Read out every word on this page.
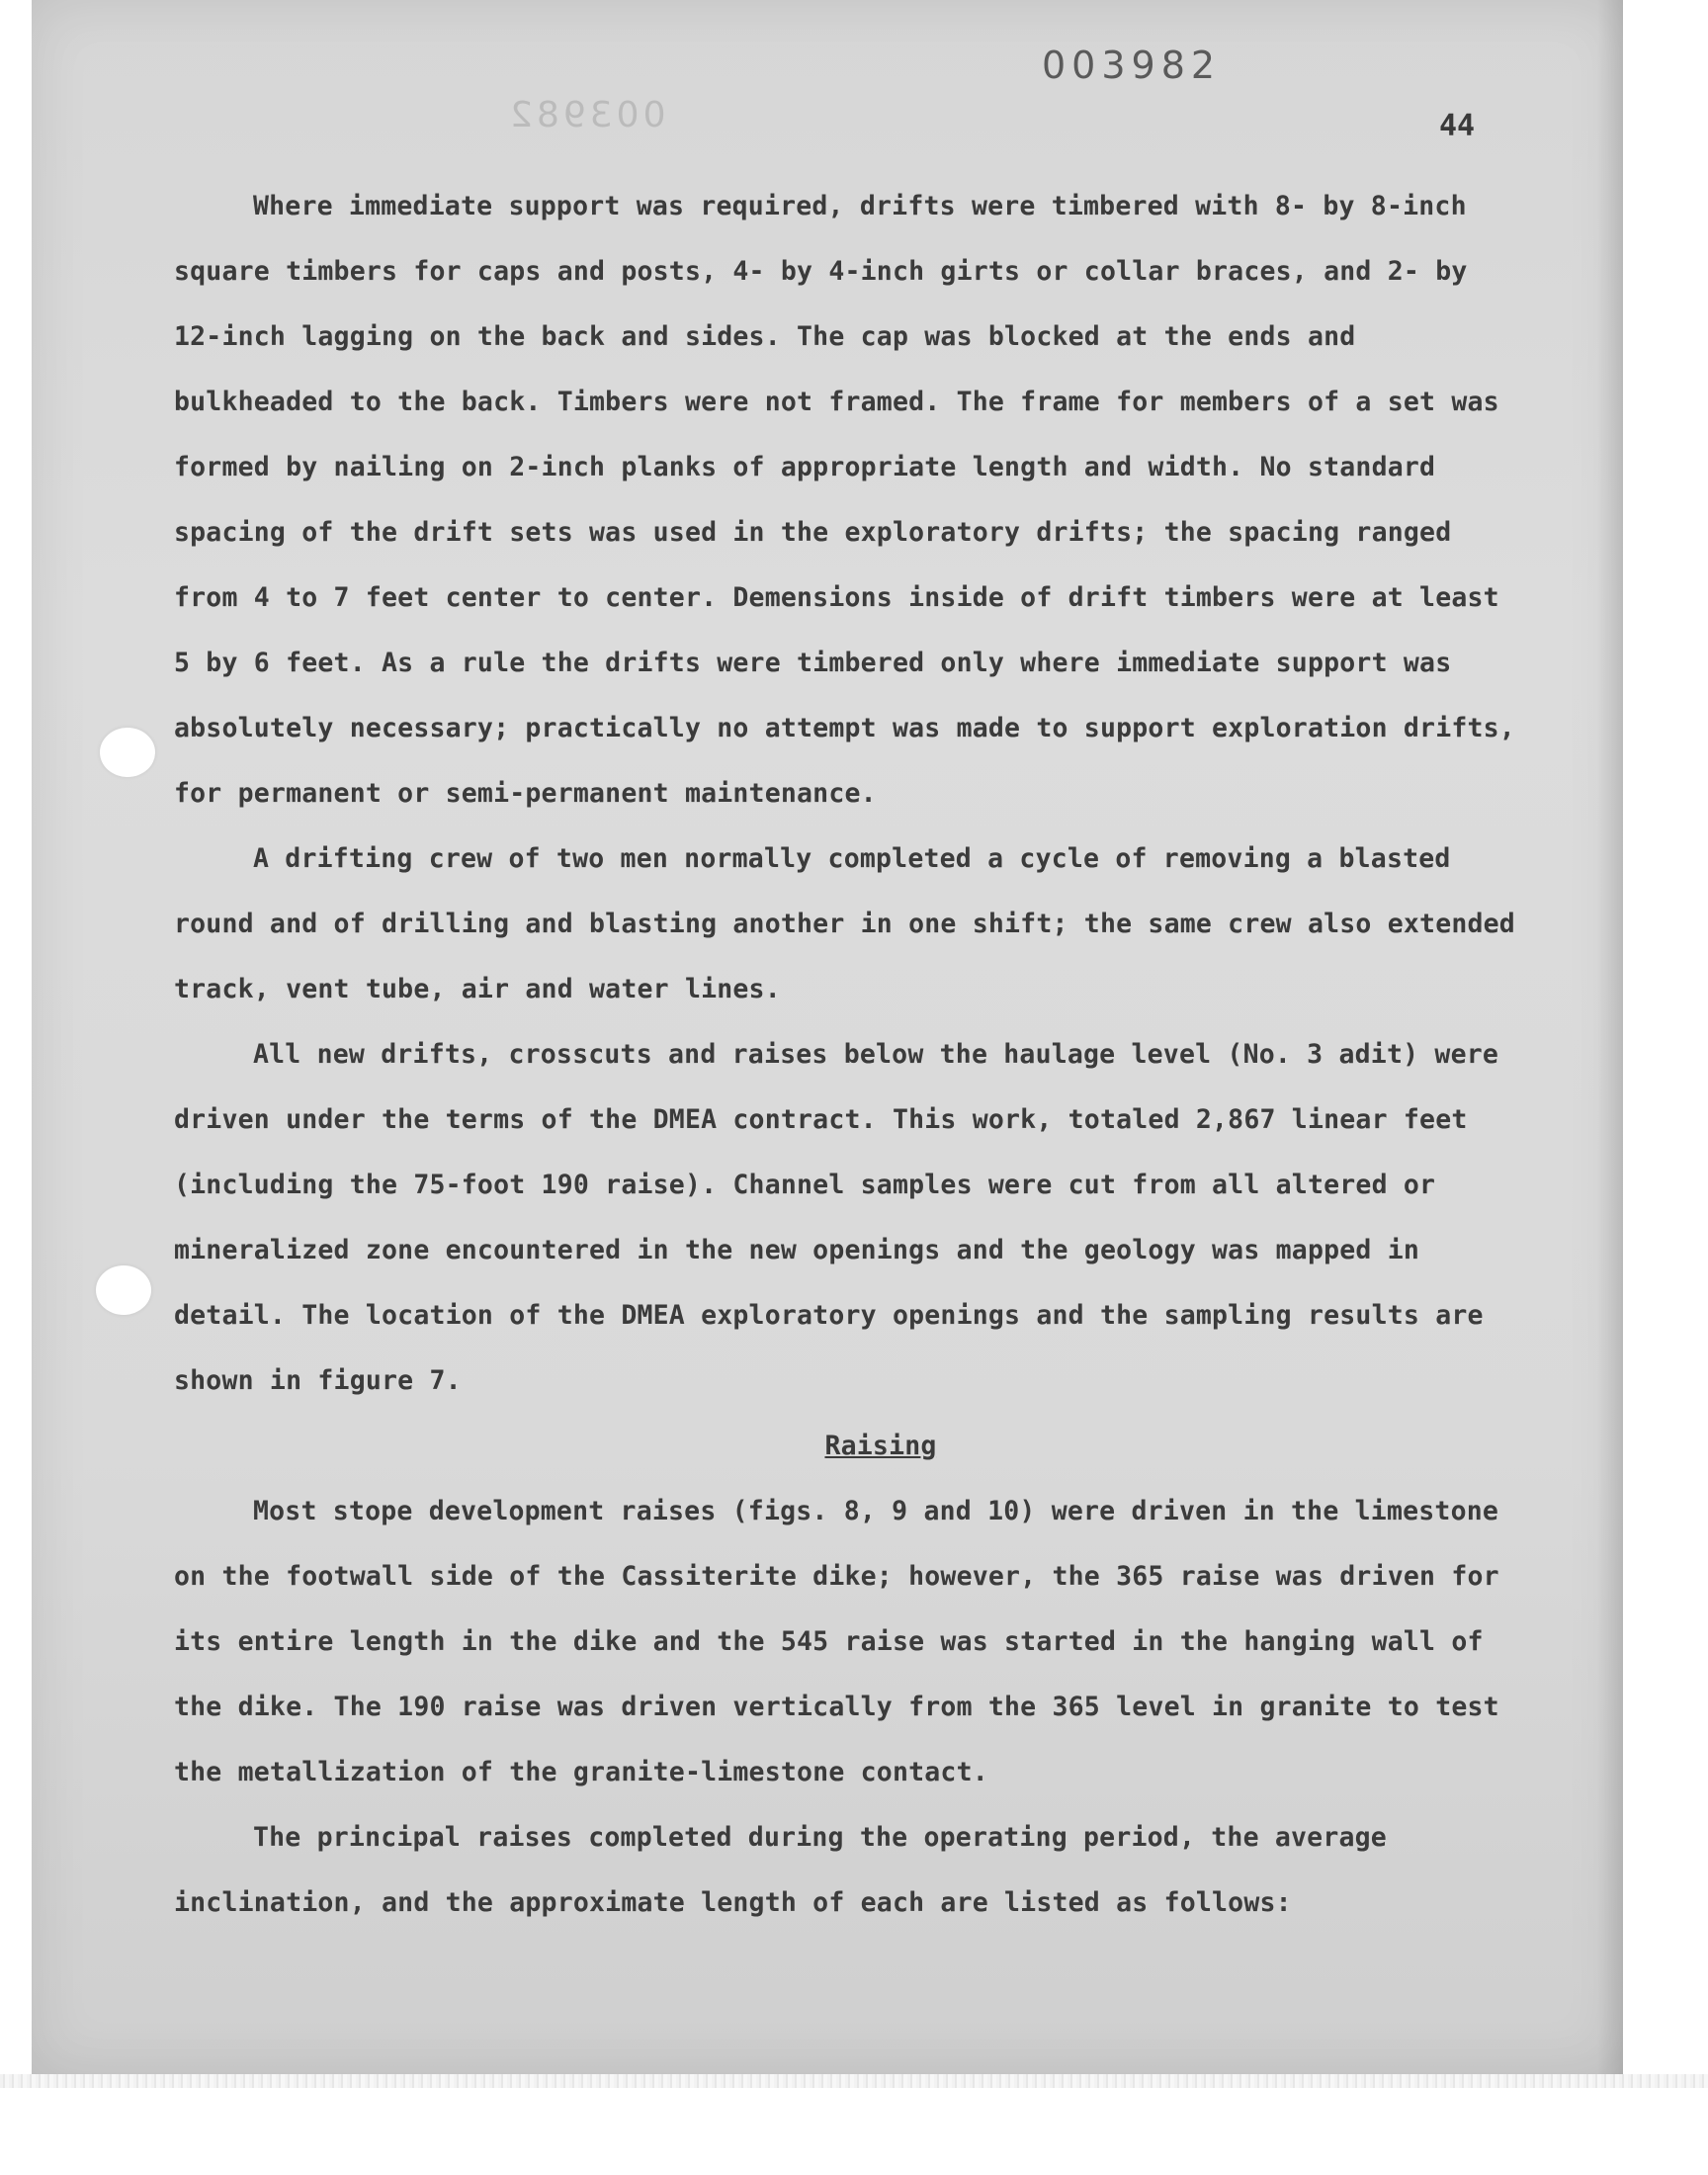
003982
003982	44

Where immediate support was required, drifts were timbered with 8- by 8-inch square timbers for caps and posts, 4- by 4-inch girts or collar braces, and 2- by 12-inch lagging on the back and sides. The cap was blocked at the ends and bulkheaded to the back. Timbers were not framed. The frame for members of a set was formed by nailing on 2-inch planks of appropriate length and width. No standard spacing of the drift sets was used in the exploratory drifts; the spacing ranged from 4 to 7 feet center to center. Demensions inside of drift timbers were at least 5 by 6 feet. As a rule the drifts were timbered only where immediate support was absolutely necessary; practically no attempt was made to support exploration drifts, for permanent or semi-permanent maintenance.

A drifting crew of two men normally completed a cycle of removing a blasted round and of drilling and blasting another in one shift; the same crew also extended track, vent tube, air and water lines.

All new drifts, crosscuts and raises below the haulage level (No. 3 adit) were driven under the terms of the DMEA contract. This work, totaled 2,867 linear feet (including the 75-foot 190 raise). Channel samples were cut from all altered or mineralized zone encountered in the new openings and the geology was mapped in detail. The location of the DMEA exploratory openings and the sampling results are shown in figure 7.

Raising

Most stope development raises (figs. 8, 9 and 10) were driven in the limestone on the footwall side of the Cassiterite dike; however, the 365 raise was driven for its entire length in the dike and the 545 raise was started in the hanging wall of the dike. The 190 raise was driven vertically from the 365 level in granite to test the metallization of the granite-limestone contact.

The principal raises completed during the operating period, the average inclination, and the approximate length of each are listed as follows:
